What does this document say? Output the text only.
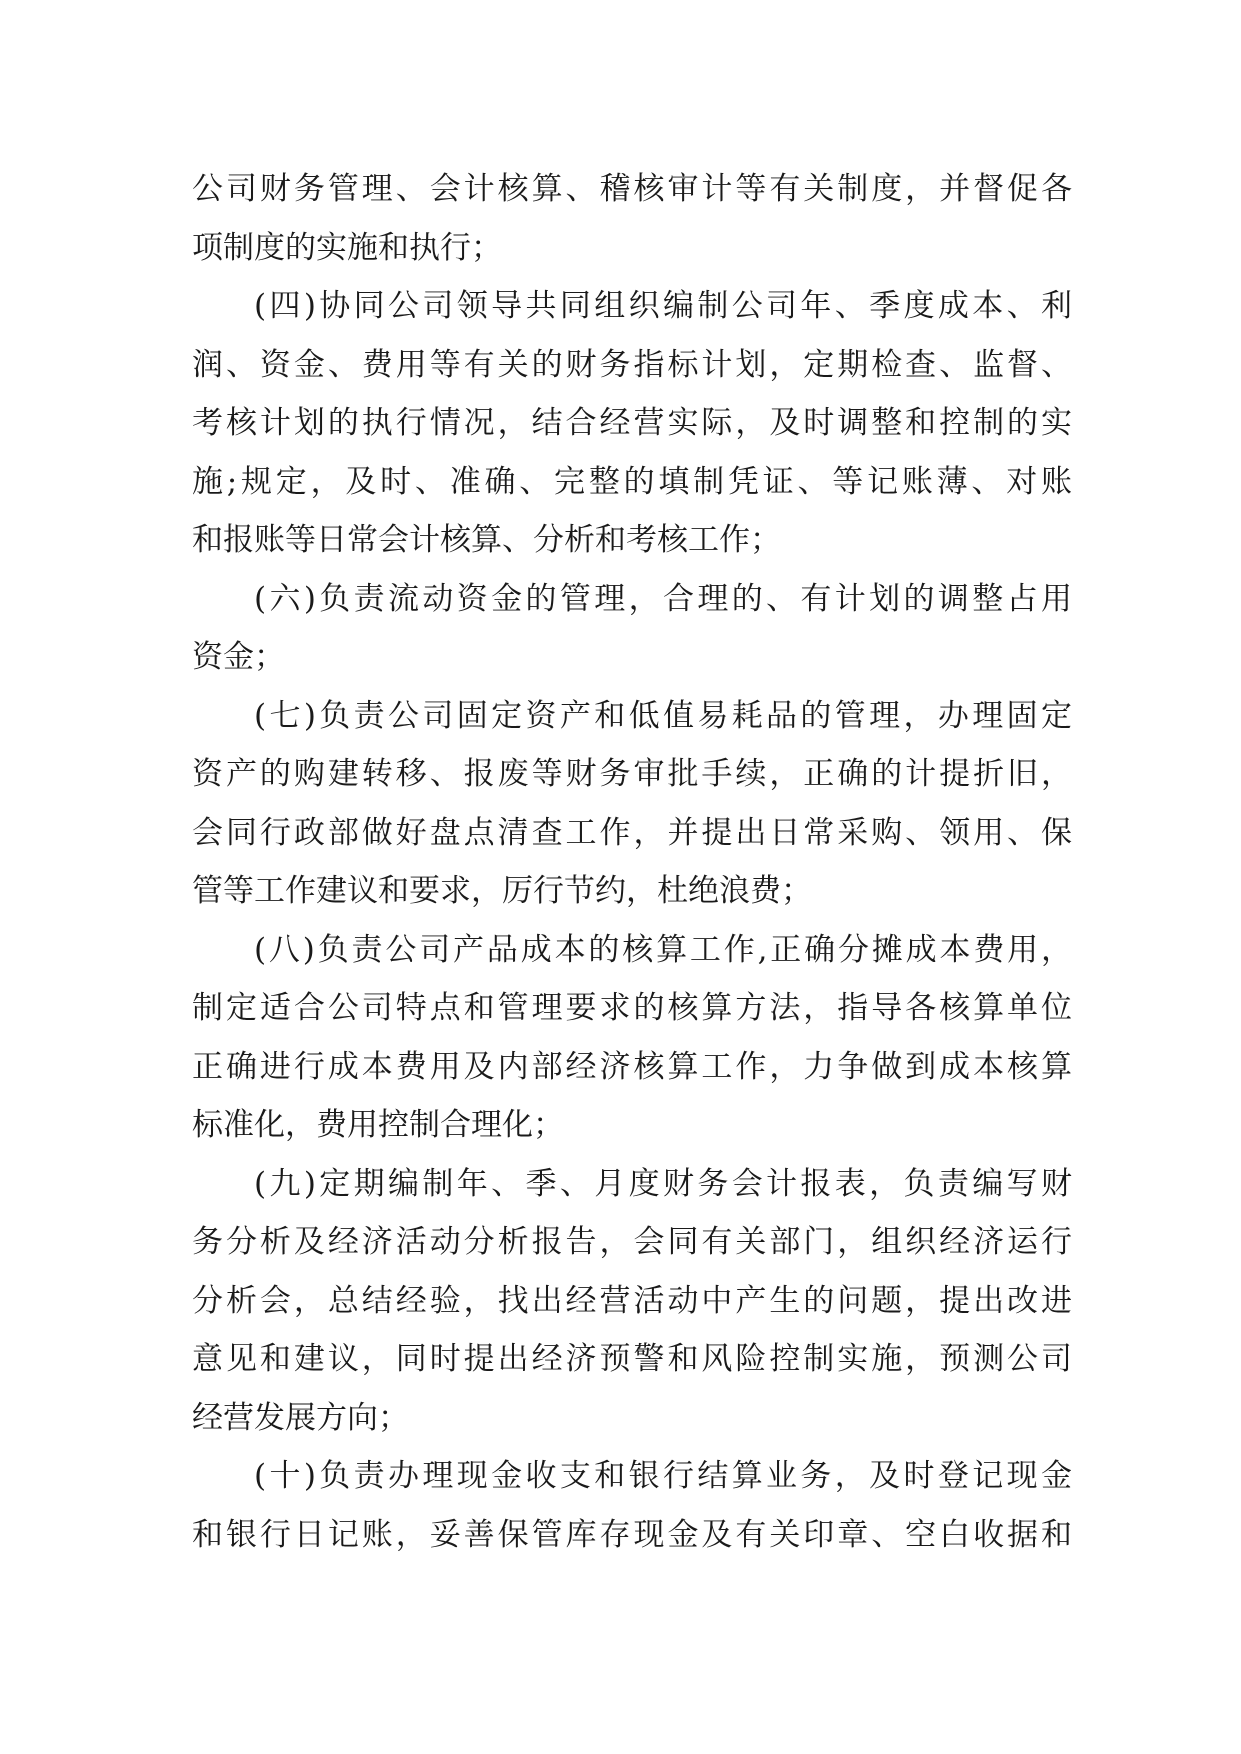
公司财务管理、会计核算、稽核审计等有关制度，并督促各
项制度的实施和执行；
(四)协同公司领导共同组织编制公司年、季度成本、利
润、资金、费用等有关的财务指标计划，定期检查、监督、
考核计划的执行情况，结合经营实际，及时调整和控制的实
施;规定，及时、准确、完整的填制凭证、等记账薄、对账
和报账等日常会计核算、分析和考核工作；
(六)负责流动资金的管理，合理的、有计划的调整占用
资金；
(七)负责公司固定资产和低值易耗品的管理，办理固定
资产的购建转移、报废等财务审批手续，正确的计提折旧，
会同行政部做好盘点清查工作，并提出日常采购、领用、保
管等工作建议和要求，厉行节约，杜绝浪费；
(八)负责公司产品成本的核算工作,正确分摊成本费用，
制定适合公司特点和管理要求的核算方法，指导各核算单位
正确进行成本费用及内部经济核算工作，力争做到成本核算
标准化，费用控制合理化；
(九)定期编制年、季、月度财务会计报表，负责编写财
务分析及经济活动分析报告，会同有关部门，组织经济运行
分析会，总结经验，找出经营活动中产生的问题，提出改进
意见和建议，同时提出经济预警和风险控制实施，预测公司
经营发展方向；
(十)负责办理现金收支和银行结算业务，及时登记现金
和银行日记账，妥善保管库存现金及有关印章、空白收据和
